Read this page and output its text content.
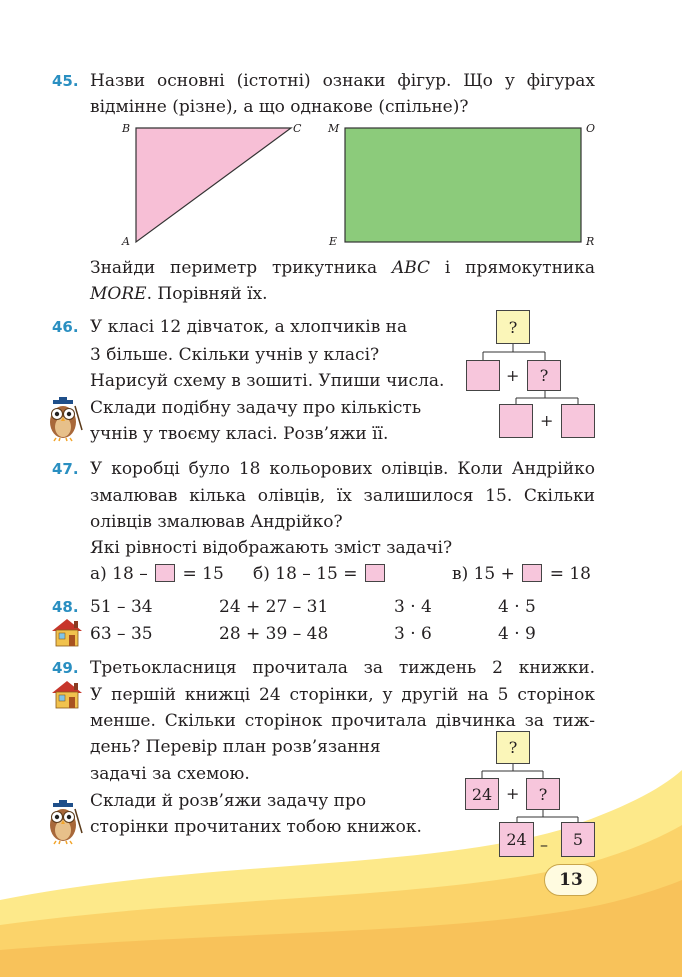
45. Назви основні (істотні) ознаки фігур. Що у фігурах
відмінне (різне), а що однакове (спільне)?
B	C
A
M	O
E	R
Знайди периметр трикутника ABC і прямокутника
MORE. Порівняй їх.
46. У класі 12 дівчаток, а хлопчиків на
3 більше. Скільки учнів у класі?
Нарисуй схему в зошиті. Упиши числа.
Склади подібну задачу про кількість
учнів у твоєму класі. Розв’яжи її.
?
+	?
+
47. У коробці було 18 кольорових олівців. Коли Андрійко
змалював кілька олівців, їх залишилося 15. Скільки
олівців змалював Андрійко?
Які рівності відображають зміст задачі?
а) 18 – = 15 б) 18 – 15 =	в) 15 + = 18
48. 51 – 34	24 + 27 – 31	3 · 4	4 · 5
63 – 35	28 + 39 – 48	3 · 6	4 · 9
49. Третьокласниця прочитала за тиждень 2 книжки.
У першій книжці 24 сторінки, у другій на 5 сторінок
менше. Скільки сторінок прочитала дівчинка за тиж-
день? Перевір план розв’язання
задачі за схемою.
Склади й розв’яжи задачу про
сторінки прочитаних тобою книжок.
?
24 +	?
24 –	5
13
